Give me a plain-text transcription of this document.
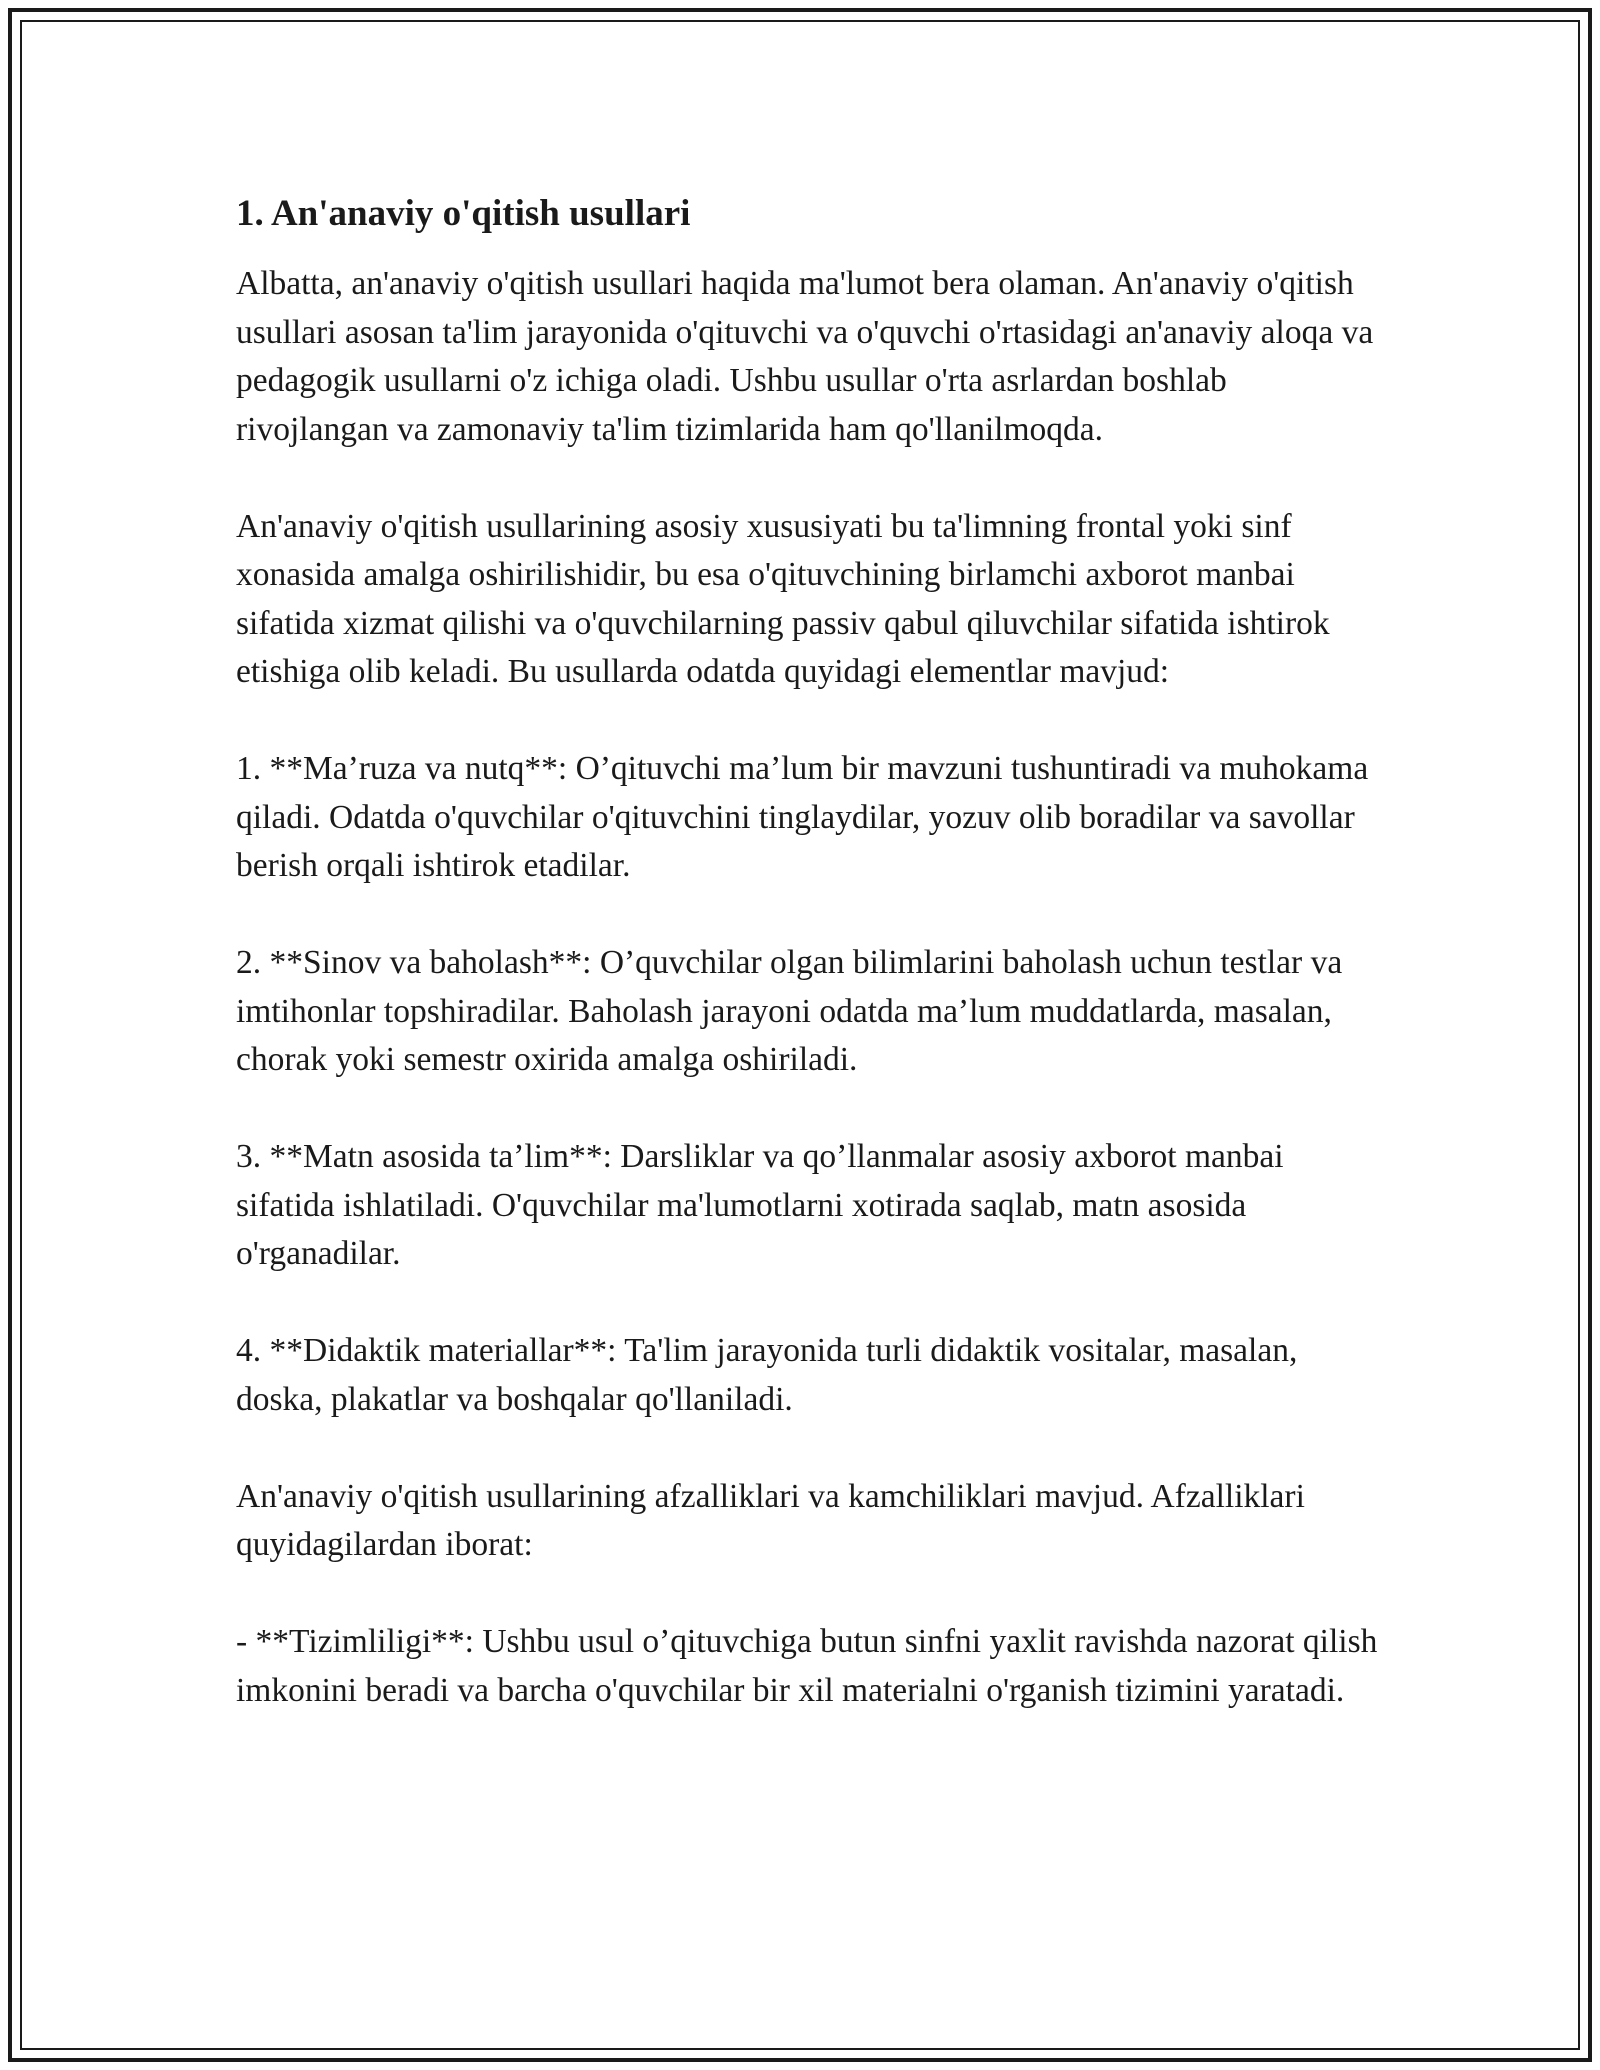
1. An'anaviy o'qitish usullari

Albatta, an'anaviy o'qitish usullari haqida ma'lumot bera olaman. An'anaviy o'qitish usullari asosan ta'lim jarayonida o'qituvchi va o'quvchi o'rtasidagi an'anaviy aloqa va pedagogik usullarni o'z ichiga oladi. Ushbu usullar o'rta asrlardan boshlab rivojlangan va zamonaviy ta'lim tizimlarida ham qo'llanilmoqda.

An'anaviy o'qitish usullarining asosiy xususiyati bu ta'limning frontal yoki sinf xonasida amalga oshirilishidir, bu esa o'qituvchining birlamchi axborot manbai sifatida xizmat qilishi va o'quvchilarning passiv qabul qiluvchilar sifatida ishtirok etishiga olib keladi. Bu usullarda odatda quyidagi elementlar mavjud:

1. **Ma’ruza va nutq**: O’qituvchi ma’lum bir mavzuni tushuntiradi va muhokama qiladi. Odatda o'quvchilar o'qituvchini tinglaydilar, yozuv olib boradilar va savollar berish orqali ishtirok etadilar.

2. **Sinov va baholash**: O’quvchilar olgan bilimlarini baholash uchun testlar va imtihonlar topshiradilar. Baholash jarayoni odatda ma’lum muddatlarda, masalan, chorak yoki semestr oxirida amalga oshiriladi.

3. **Matn asosida ta’lim**: Darsliklar va qo’llanmalar asosiy axborot manbai sifatida ishlatiladi. O'quvchilar ma'lumotlarni xotirada saqlab, matn asosida o'rganadilar.

4. **Didaktik materiallar**: Ta'lim jarayonida turli didaktik vositalar, masalan, doska, plakatlar va boshqalar qo'llaniladi.

An'anaviy o'qitish usullarining afzalliklari va kamchiliklari mavjud. Afzalliklari quyidagilardan iborat:

- **Tizimliligi**: Ushbu usul o’qituvchiga butun sinfni yaxlit ravishda nazorat qilish imkonini beradi va barcha o'quvchilar bir xil materialni o'rganish tizimini yaratadi.
